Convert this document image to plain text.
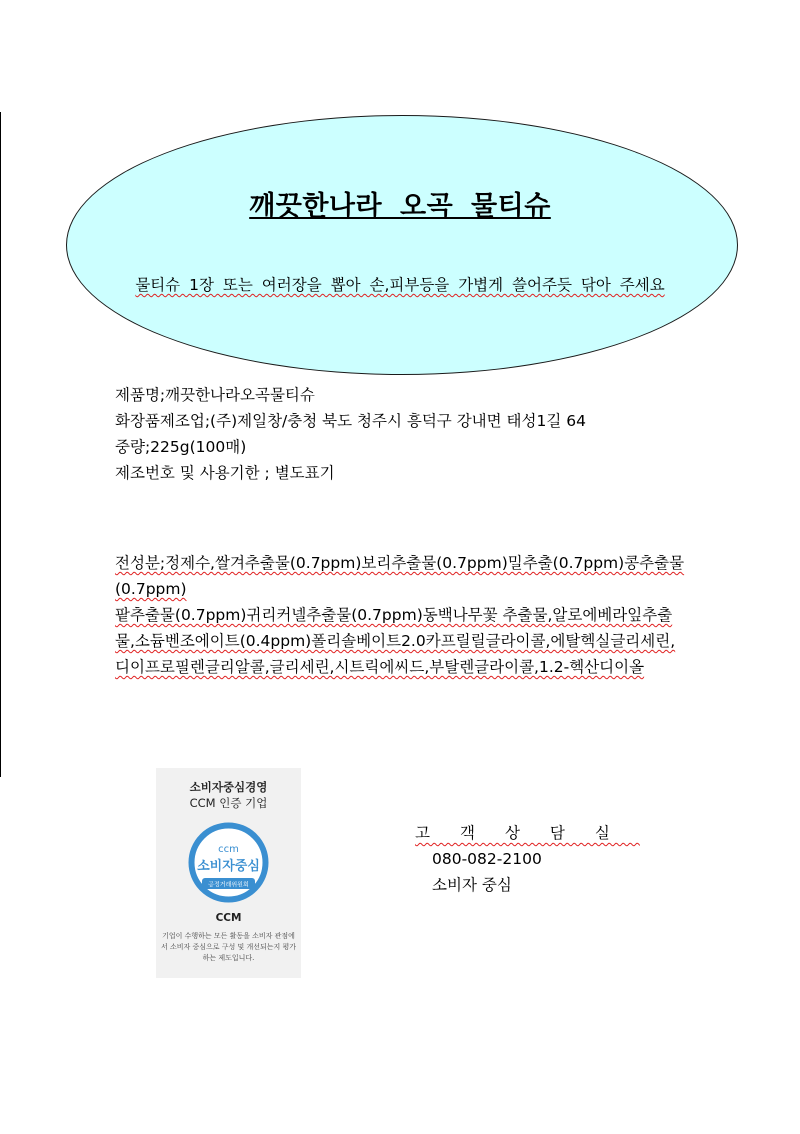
깨끗한나라 오곡 물티슈
물티슈 1장 또는 여러장을 뽑아 손,피부등을 가볍게 쓸어주듯 닦아 주세요
제품명;깨끗한나라오곡물티슈
화장품제조업;(주)제일창/충청 북도 청주시 흥덕구 강내면 태성1길 64
중량;225g(100매)
제조번호 및 사용기한 ; 별도표기

전성분;정제수,쌀겨추출물(0.7ppm)보리추출물(0.7ppm)밀추출(0.7ppm)콩추출물 (0.7ppm)

팥추출물(0.7ppm)귀리커넬추출물(0.7ppm)동백나무꽃 추출물,알로에베라잎추출물,소듐벤조에이트(0.4ppm)폴리솔베이트2.0카프릴릴글라이콜,에탈헥실글리세린,디이프로필렌글리알콜,글리세린,시트릭에씨드,부탈렌글라이콜,1.2-헥산디이올

소비자중심경영
CCM 인증 기업
ccm
소비자중심
공정거래위원회
CCM
기업이 수행하는 모든 활동을 소비자 관점에서 소비자 중심으로 구성 및 개선되는지 평가하는 제도입니다.
고객상담실
080-082-2100
소비자 중심
